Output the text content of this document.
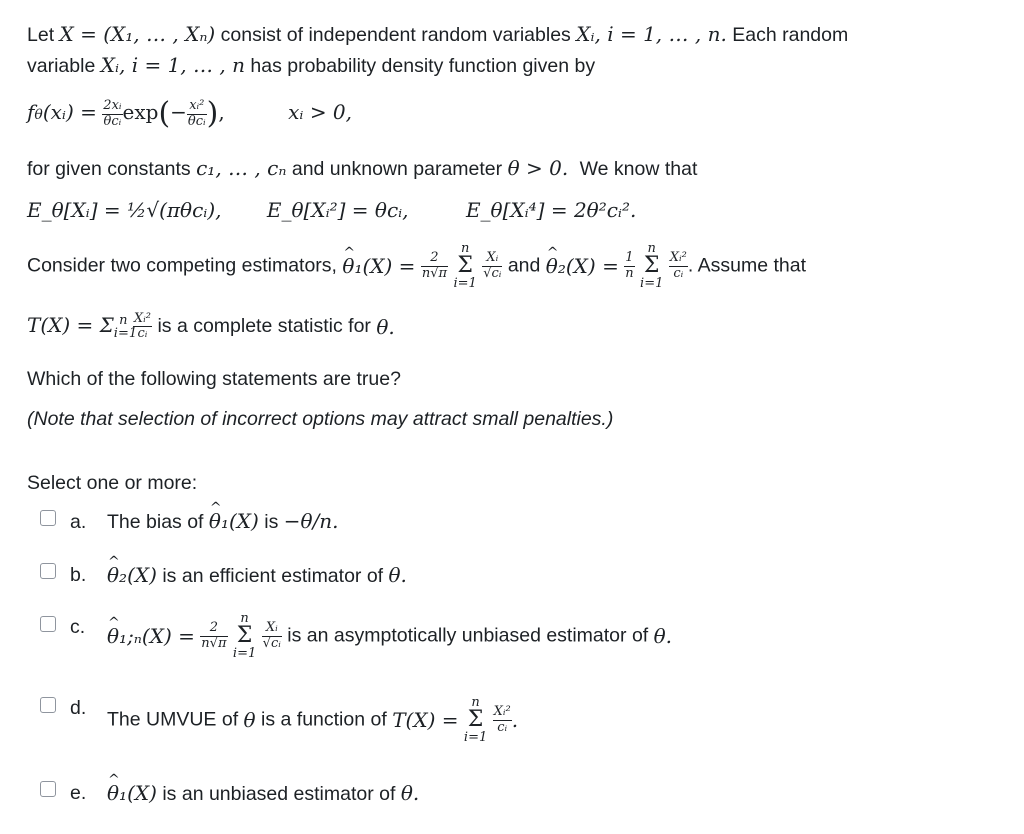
Let X = (X₁, … , Xₙ) consist of independent random variables Xᵢ, i = 1, … , n. Each random
variable Xᵢ, i = 1, … , n has probability density function given by
fθ(xᵢ) = $\frac{\text{2xᵢ}}{\text{θcᵢ}} \exp(- \frac{\text{xᵢ²}}{\text{θcᵢ}}$ ),	xᵢ > 0,
for given constants c₁, … , cₙ and unknown parameter θ > 0. We know that
E_θ[Xᵢ] = ½√(πθcᵢ), E_θ[Xᵢ²] = θcᵢ,	E_θ[Xᵢ⁴] = 2θ²cᵢ².
Consider two competing estimators, ^ $\theta_1(X) = \frac{2}{n√\pi}$

n
Σ
i=1

$\frac{\text{Xᵢ}}{\text{√cᵢ}}$ and ^ $\theta_2(X) = \frac{1}{n}$

n
Σ
i=1

$\frac{\text{Xᵢ²}}{\text{cᵢ}}$ . Assume that
$T(X) = \Sigma_{i=1}^n \frac{\text{Xᵢ²}}{\text{cᵢ}}$ is a complete statistic for θ.
Which of the following statements are true?
(Note that selection of incorrect options may attract small penalties.)
Select one or more:
a. The bias of ^ θ₁(X) is −θ/n.
b. ^ θ₂(X) is an efficient estimator of θ.
c. ^ θ₁;ₙ(X) = $\frac{2}{n√\pi}$

n
Σ
i=1

$\frac{\text{Xᵢ}}{\text{√cᵢ}}$ is an asymptotically unbiased estimator of θ.
d.
The UMVUE of θ is a function of T(X) =
n
Σ
i=1

$\frac{\text{Xᵢ²}}{\text{cᵢ}}$ .
e. ^ θ₁(X) is an unbiased estimator of θ.
